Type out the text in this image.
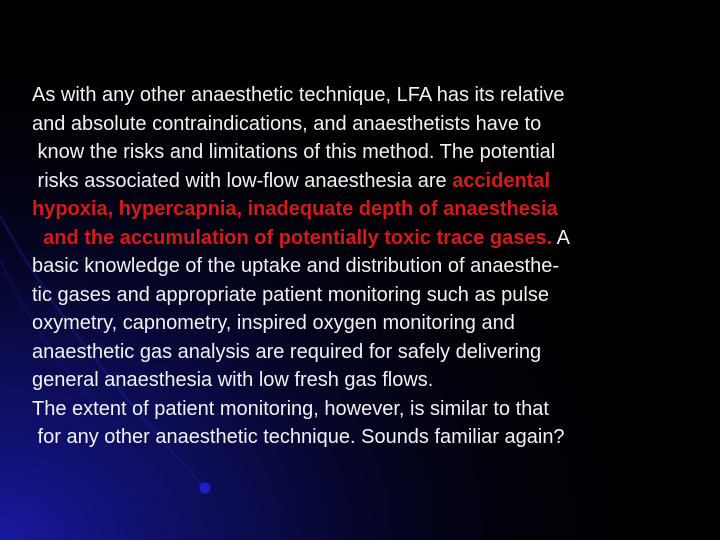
As with any other anaesthetic technique, LFA has its relative
and absolute contraindications, and anaesthetists have to
know the risks and limitations of this method. The potential
risks associated with low-flow anaesthesia are accidental
hypoxia, hypercapnia, inadequate depth of anaesthesia
and the accumulation of potentially toxic trace gases. A
basic knowledge of the uptake and distribution of anaesthe-
tic gases and appropriate patient monitoring such as pulse
oxymetry, capnometry, inspired oxygen monitoring and
anaesthetic gas analysis are required for safely delivering
general anaesthesia with low fresh gas flows.
The extent of patient monitoring, however, is similar to that
for any other anaesthetic technique. Sounds familiar again?
